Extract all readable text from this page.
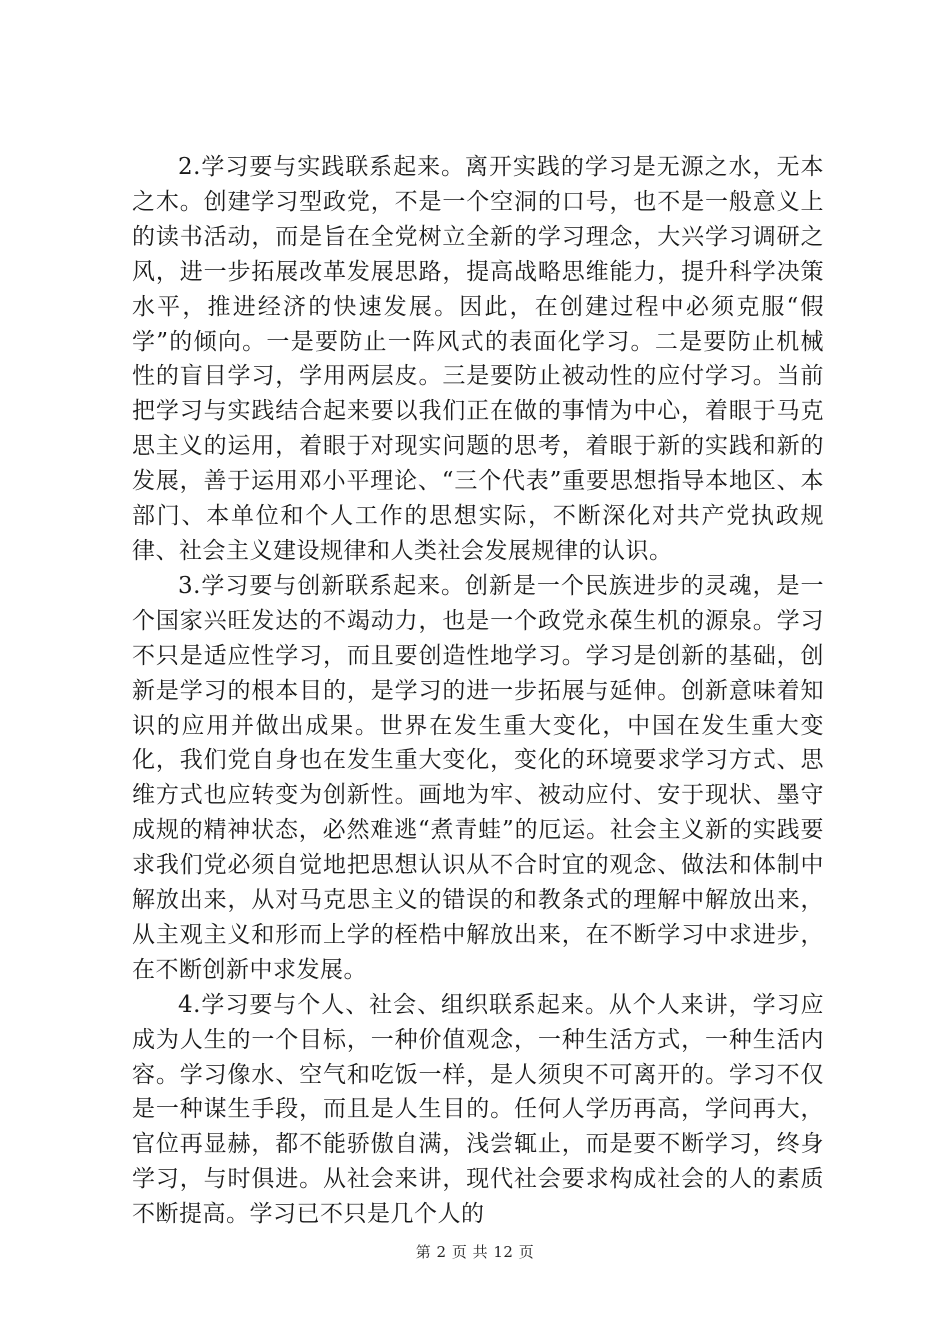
2.学习要与实践联系起来。离开实践的学习是无源之水，无本之木。创建学习型政党，不是一个空洞的口号，也不是一般意义上的读书活动，而是旨在全党树立全新的学习理念，大兴学习调研之风，进一步拓展改革发展思路，提高战略思维能力，提升科学决策水平，推进经济的快速发展。因此，在创建过程中必须克服“假学”的倾向。一是要防止一阵风式的表面化学习。二是要防止机械性的盲目学习，学用两层皮。三是要防止被动性的应付学习。当前把学习与实践结合起来要以我们正在做的事情为中心，着眼于马克思主义的运用，着眼于对现实问题的思考，着眼于新的实践和新的发展，善于运用邓小平理论、“三个代表”重要思想指导本地区、本部门、本单位和个人工作的思想实际，不断深化对共产党执政规律、社会主义建设规律和人类社会发展规律的认识。

3.学习要与创新联系起来。创新是一个民族进步的灵魂，是一个国家兴旺发达的不竭动力，也是一个政党永葆生机的源泉。学习不只是适应性学习，而且要创造性地学习。学习是创新的基础，创新是学习的根本目的，是学习的进一步拓展与延伸。创新意味着知识的应用并做出成果。世界在发生重大变化，中国在发生重大变化，我们党自身也在发生重大变化，变化的环境要求学习方式、思维方式也应转变为创新性。画地为牢、被动应付、安于现状、墨守成规的精神状态，必然难逃“煮青蛙”的厄运。社会主义新的实践要求我们党必须自觉地把思想认识从不合时宜的观念、做法和体制中解放出来，从对马克思主义的错误的和教条式的理解中解放出来，从主观主义和形而上学的桎梏中解放出来，在不断学习中求进步，在不断创新中求发展。

4.学习要与个人、社会、组织联系起来。从个人来讲，学习应成为人生的一个目标，一种价值观念，一种生活方式，一种生活内容。学习像水、空气和吃饭一样，是人须臾不可离开的。学习不仅是一种谋生手段，而且是人生目的。任何人学历再高，学问再大，官位再显赫，都不能骄傲自满，浅尝辄止，而是要不断学习，终身学习，与时俱进。从社会来讲，现代社会要求构成社会的人的素质不断提高。学习已不只是几个人的

第 2 页 共 12 页
